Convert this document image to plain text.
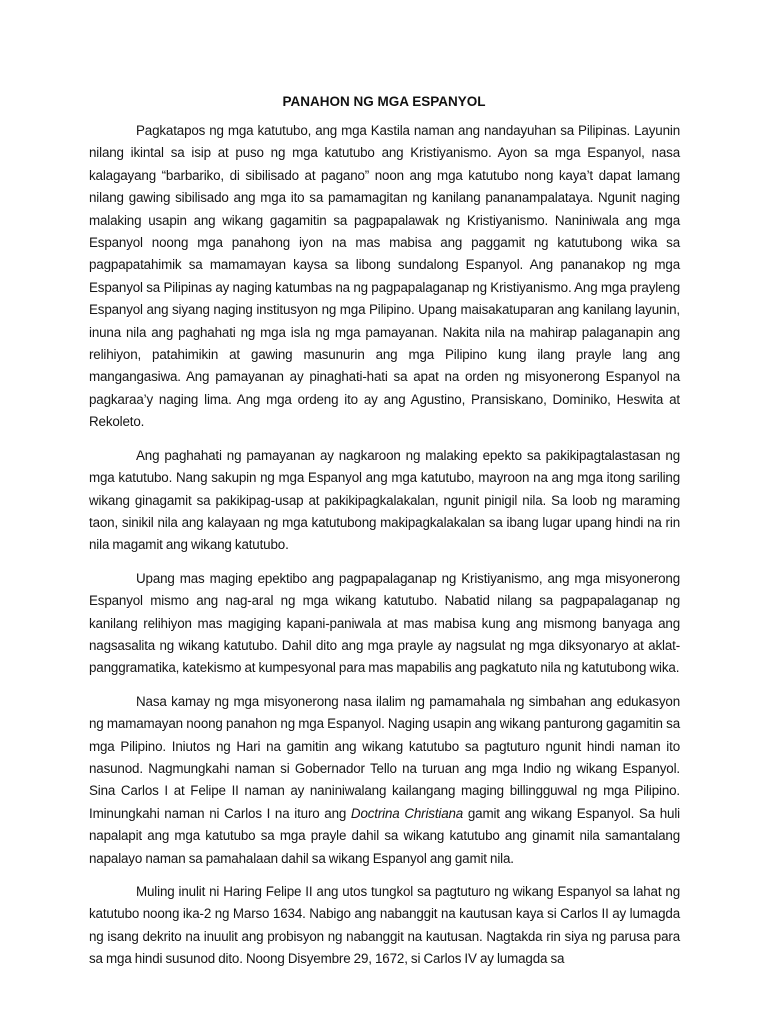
PANAHON NG MGA ESPANYOL

Pagkatapos ng mga katutubo, ang mga Kastila naman ang nandayuhan sa Pilipinas. Layunin nilang ikintal sa isip at puso ng mga katutubo ang Kristiyanismo. Ayon sa mga Espanyol, nasa kalagayang “barbariko, di sibilisado at pagano” noon ang mga katutubo nong kaya’t dapat lamang nilang gawing sibilisado ang mga ito sa pamamagitan ng kanilang pananampalataya. Ngunit naging malaking usapin ang wikang gagamitin sa pagpapalawak ng Kristiyanismo. Naniniwala ang mga Espanyol noong mga panahong iyon na mas mabisa ang paggamit ng katutubong wika sa pagpapatahimik sa mamamayan kaysa sa libong sundalong Espanyol. Ang pananakop ng mga Espanyol sa Pilipinas ay naging katumbas na ng pagpapalaganap ng Kristiyanismo. Ang mga prayleng Espanyol ang siyang naging institusyon ng mga Pilipino. Upang maisakatuparan ang kanilang layunin, inuna nila ang paghahati ng mga isla ng mga pamayanan. Nakita nila na mahirap palaganapin ang relihiyon, patahimikin at gawing masunurin ang mga Pilipino kung ilang prayle lang ang mangangasiwa. Ang pamayanan ay pinaghati-hati sa apat na orden ng misyonerong Espanyol na pagkaraa’y naging lima. Ang mga ordeng ito ay ang Agustino, Pransiskano, Dominiko, Heswita at Rekoleto.

Ang paghahati ng pamayanan ay nagkaroon ng malaking epekto sa pakikipagtalastasan ng mga katutubo. Nang sakupin ng mga Espanyol ang mga katutubo, mayroon na ang mga itong sariling wikang ginagamit sa pakikipag-usap at pakikipagkalakalan, ngunit pinigil nila. Sa loob ng maraming taon, sinikil nila ang kalayaan ng mga katutubong makipagkalakalan sa ibang lugar upang hindi na rin nila magamit ang wikang katutubo.

Upang mas maging epektibo ang pagpapalaganap ng Kristiyanismo, ang mga misyonerong Espanyol mismo ang nag-aral ng mga wikang katutubo. Nabatid nilang sa pagpapalaganap ng kanilang relihiyon mas magiging kapani-paniwala at mas mabisa kung ang mismong banyaga ang nagsasalita ng wikang katutubo. Dahil dito ang mga prayle ay nagsulat ng mga diksyonaryo at aklat-panggramatika, katekismo at kumpesyonal para mas mapabilis ang pagkatuto nila ng katutubong wika.

Nasa kamay ng mga misyonerong nasa ilalim ng pamamahala ng simbahan ang edukasyon ng mamamayan noong panahon ng mga Espanyol. Naging usapin ang wikang panturong gagamitin sa mga Pilipino. Iniutos ng Hari na gamitin ang wikang katutubo sa pagtuturo ngunit hindi naman ito nasunod. Nagmungkahi naman si Gobernador Tello na turuan ang mga Indio ng wikang Espanyol. Sina Carlos I at Felipe II naman ay naniniwalang kailangang maging billingguwal ng mga Pilipino. Iminungkahi naman ni Carlos I na ituro ang Doctrina Christiana gamit ang wikang Espanyol. Sa huli napalapit ang mga katutubo sa mga prayle dahil sa wikang katutubo ang ginamit nila samantalang napalayo naman sa pamahalaan dahil sa wikang Espanyol ang gamit nila.

Muling inulit ni Haring Felipe II ang utos tungkol sa pagtuturo ng wikang Espanyol sa lahat ng katutubo noong ika-2 ng Marso 1634. Nabigo ang nabanggit na kautusan kaya si Carlos II ay lumagda ng isang dekrito na inuulit ang probisyon ng nabanggit na kautusan. Nagtakda rin siya ng parusa para sa mga hindi susunod dito. Noong Disyembre 29, 1672, si Carlos IV ay lumagda sa
